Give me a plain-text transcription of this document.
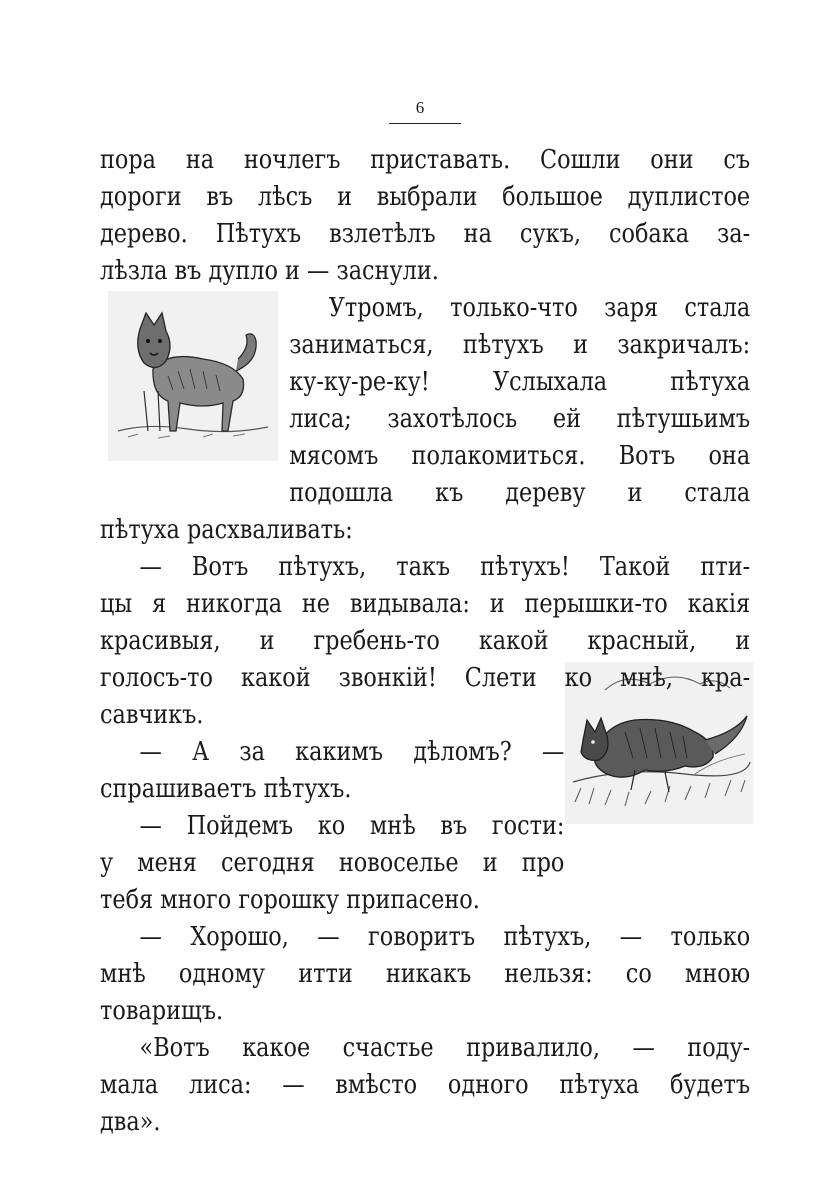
6
пора на ночлегъ приставать. Сошли они съ
дороги въ лѣсъ и выбрали большое дуплистое
дерево. Пѣтухъ взлетѣлъ на сукъ, собака за-
лѣзла въ дупло и — заснули.
Утромъ, только-что заря стала
заниматься, пѣтухъ и закричалъ:
ку-ку-ре-ку! Услыхала пѣтуха
лиса; захотѣлось ей пѣтушьимъ
мясомъ полакомиться. Вотъ она
подошла къ дереву и стала
пѣтуха расхваливать:
— Вотъ пѣтухъ, такъ пѣтухъ! Такой пти-
цы я никогда не видывала: и перышки-то какія
красивыя, и гребень-то какой красный, и
голосъ-то какой звонкій! Слети ко мнѣ, кра-
савчикъ.
— А за какимъ дѣломъ? —
спрашиваетъ пѣтухъ.
— Пойдемъ ко мнѣ въ гости:
у меня сегодня новоселье и про
тебя много горошку припасено.
— Хорошо, — говоритъ пѣтухъ, — только
мнѣ одному итти никакъ нельзя: со мною
товарищъ.
«Вотъ какое счастье привалило, — поду-
мала лиса: — вмѣсто одного пѣтуха будетъ
два».
